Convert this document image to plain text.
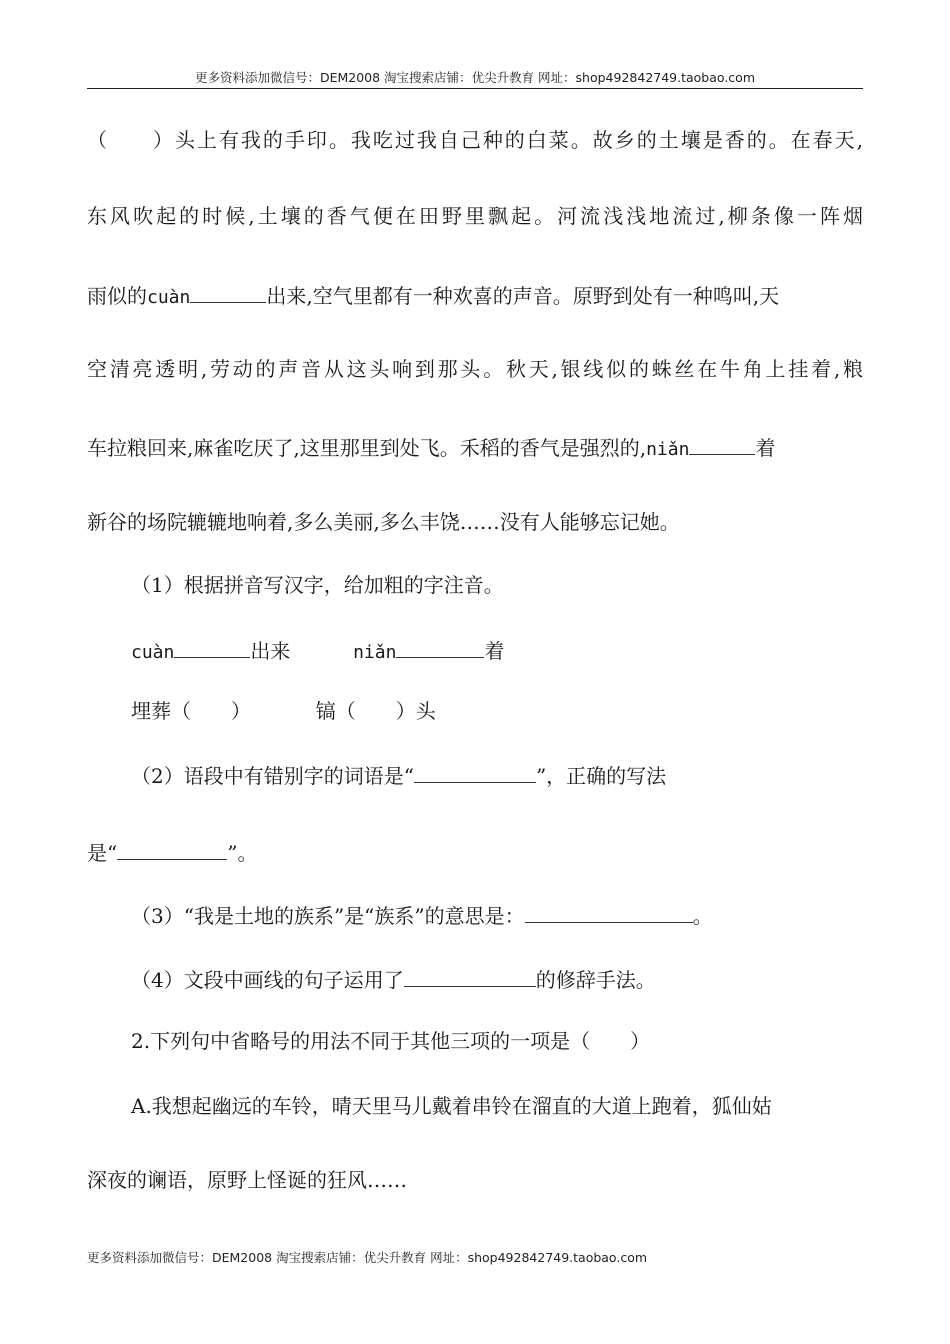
更多资料添加微信号：DEM2008 淘宝搜索店铺：优尖升教育 网址：shop492842749.taobao.com
（　　）头上有我的手印。我吃过我自己种的白菜。故乡的土壤是香的。在春天,
东风吹起的时候,土壤的香气便在田野里飘起。河流浅浅地流过,柳条像一阵烟
雨似的cuàn	出来,空气里都有一种欢喜的声音。原野到处有一种鸣叫,天
空清亮透明,劳动的声音从这头响到那头。秋天,银线似的蛛丝在牛角上挂着,粮
车拉粮回来,麻雀吃厌了,这里那里到处飞。禾稻的香气是强烈的,niǎn	着
新谷的场院辘辘地响着,多么美丽,多么丰饶……没有人能够忘记她。
（1）根据拼音写汉字，给加粗的字注音。
cuàn	出来	niǎn	着
埋葬（　　）	镐（　　）头
（2）语段中有错别字的词语是“	”，正确的写法
是“	”。
（3）“我是土地的族系”是“族系”的意思是：	。
（4）文段中画线的句子运用了	的修辞手法。
2.下列句中省略号的用法不同于其他三项的一项是（　　）
A.我想起幽远的车铃，晴天里马儿戴着串铃在溜直的大道上跑着，狐仙姑
深夜的谰语，原野上怪诞的狂风……
更多资料添加微信号：DEM2008 淘宝搜索店铺：优尖升教育 网址：shop492842749.taobao.com
